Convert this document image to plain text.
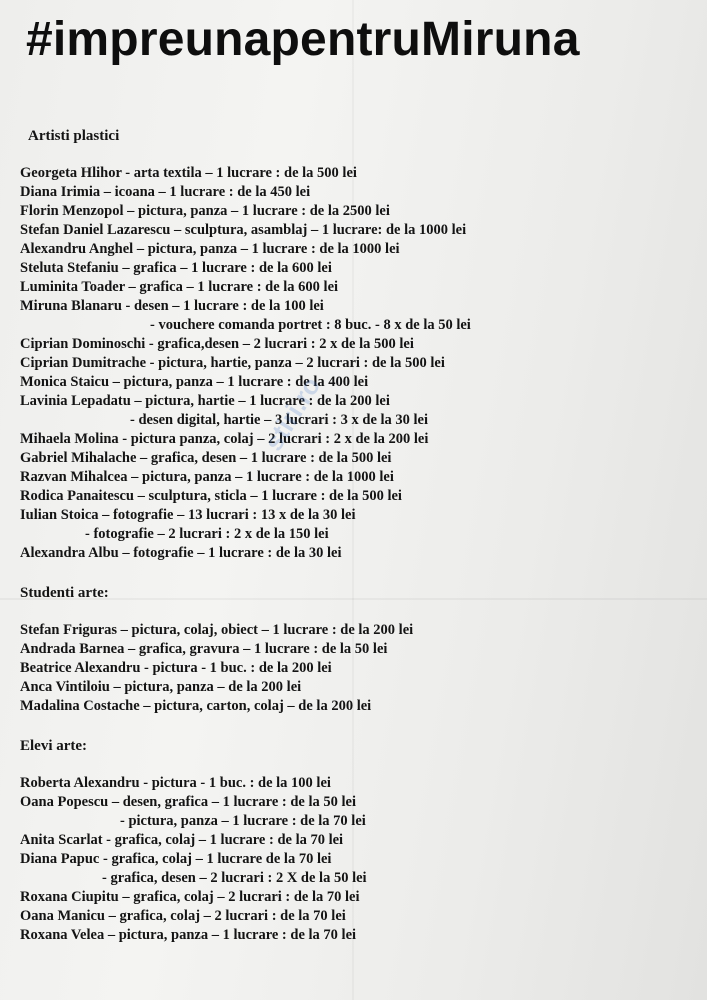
#impreunapentruMiruna
Artisti plastici
Georgeta Hlihor - arta textila – 1 lucrare : de la 500 lei
Diana Irimia – icoana – 1 lucrare : de la 450 lei
Florin Menzopol – pictura, panza – 1 lucrare : de la 2500 lei
Stefan Daniel Lazarescu – sculptura, asamblaj – 1 lucrare: de la 1000 lei
Alexandru Anghel – pictura, panza – 1 lucrare : de la 1000 lei
Steluta Stefaniu – grafica – 1 lucrare : de la 600 lei
Luminita Toader – grafica – 1 lucrare : de la 600 lei
Miruna Blanaru - desen – 1 lucrare : de la 100 lei
- vouchere comanda portret : 8 buc. - 8 x de la 50 lei
Ciprian Dominoschi - grafica,desen – 2 lucrari : 2 x de la 500 lei
Ciprian Dumitrache - pictura, hartie, panza – 2 lucrari : de la 500 lei
Monica Staicu – pictura, panza – 1 lucrare : de la 400 lei
Lavinia Lepadatu – pictura, hartie – 1 lucrare : de la 200 lei
- desen digital, hartie – 3 lucrari : 3 x de la 30 lei
Mihaela Molina - pictura panza, colaj – 2 lucrari : 2 x de la 200 lei
Gabriel Mihalache – grafica, desen – 1 lucrare : de la 500 lei
Razvan Mihalcea – pictura, panza – 1 lucrare : de la 1000 lei
Rodica Panaitescu – sculptura, sticla – 1 lucrare : de la 500 lei
Iulian Stoica – fotografie – 13 lucrari : 13 x de la 30 lei
- fotografie – 2 lucrari : 2 x de la 150 lei
Alexandra Albu – fotografie – 1 lucrare : de la 30 lei
Studenti arte:
Stefan Friguras – pictura, colaj, obiect – 1 lucrare : de la 200 lei
Andrada Barnea – grafica, gravura – 1 lucrare : de la 50 lei
Beatrice Alexandru - pictura - 1 buc. : de la 200 lei
Anca Vintiloiu – pictura, panza – de la 200 lei
Madalina Costache – pictura, carton, colaj – de la 200 lei
Elevi arte:
Roberta Alexandru - pictura - 1 buc. : de la 100 lei
Oana Popescu – desen, grafica – 1 lucrare : de la 50 lei
- pictura, panza – 1 lucrare : de la 70 lei
Anita Scarlat - grafica, colaj – 1 lucrare : de la 70 lei
Diana Papuc - grafica, colaj – 1 lucrare de la 70 lei
- grafica, desen – 2 lucrari : 2 X de la 50 lei
Roxana Ciupitu – grafica, colaj – 2 lucrari : de la 70 lei
Oana Manicu – grafica, colaj – 2 lucrari : de la 70 lei
Roxana Velea – pictura, panza – 1 lucrare : de la 70 lei
stiri.ro
